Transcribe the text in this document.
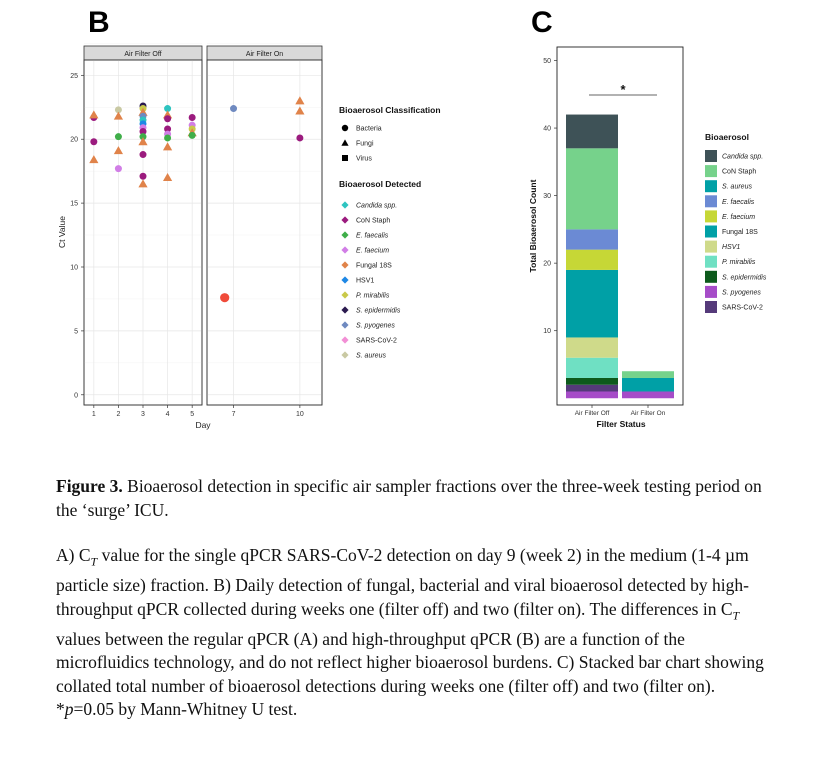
B	C
Air Filter Off
1	2	3	4	5
Air Filter On
7	10
0
5
10
15
20
25
Day
Ct Value
Bioaerosol Classification
Bacteria
Fungi
Virus
Bioaerosol Detected
Candida spp.
CoN Staph
E. faecalis
E. faecium
Fungal 18S
HSV1
P. mirabilis
S. epidermidis
S. pyogenes
SARS-CoV-2
S. aureus
10
20
30
40
50
Air Filter Off	Air Filter On
*
Filter Status
Total Bioaerosol Count
Bioaerosol
Candida spp.
CoN Staph
S. aureus
E. faecalis
E. faecium
Fungal 18S
HSV1
P. mirabilis
S. epidermidis
S. pyogenes
SARS-CoV-2

Figure 3. Bioaerosol detection in specific air sampler fractions over the three-week testing period on the ‘surge’ ICU.

A) $C_T$ value for the single qPCR SARS-CoV-2 detection on day 9 (week 2) in the medium (1-4 µm particle size) fraction. B) Daily detection of fungal, bacterial and viral bioaerosol detected by high-throughput qPCR collected during weeks one (filter off) and two (filter on). The differences in $C_T$ values between the regular qPCR (A) and high-throughput qPCR (B) are a function of the microfluidics technology, and do not reflect higher bioaerosol burdens. C) Stacked bar chart showing collated total number of bioaerosol detections during weeks one (filter off) and two (filter on). *p=0.05 by Mann-Whitney U test.
